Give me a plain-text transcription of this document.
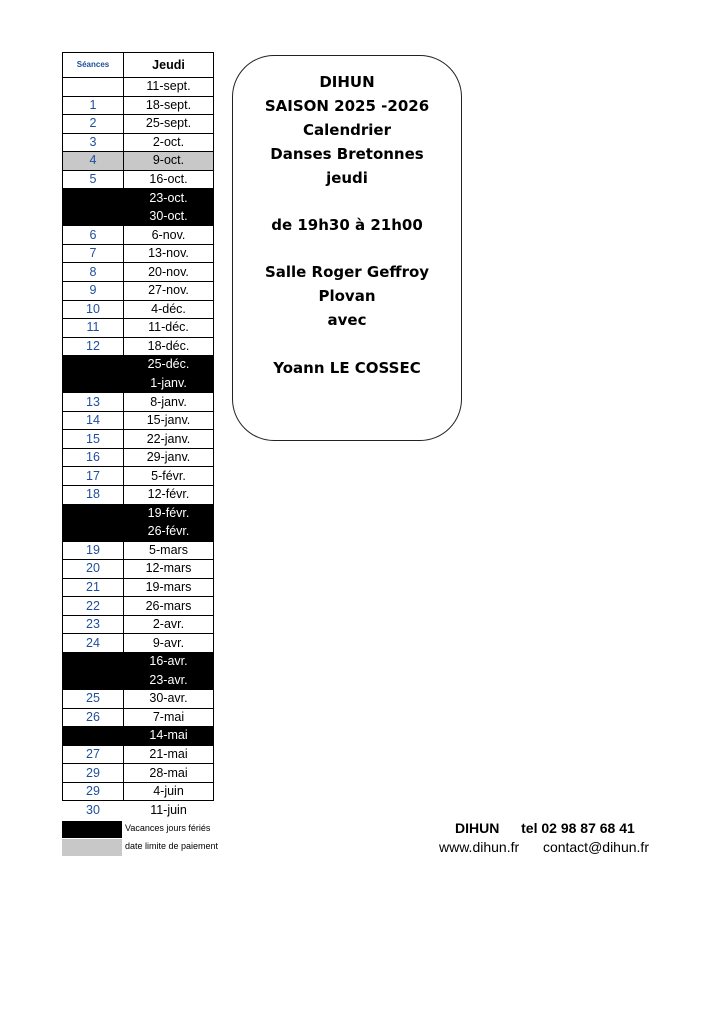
Séances	Jeudi
	11-sept.
1	18-sept.
2	25-sept.
3	2-oct.
4	9-oct.
5	16-oct.
	23-oct.
	30-oct.
6	6-nov.
7	13-nov.
8	20-nov.
9	27-nov.
10	4-déc.
11	11-déc.
12	18-déc.
	25-déc.
	1-janv.
13	8-janv.
14	15-janv.
15	22-janv.
16	29-janv.
17	5-févr.
18	12-févr.
	19-févr.
	26-févr.
19	5-mars
20	12-mars
21	19-mars
22	26-mars
23	2-avr.
24	9-avr.
	16-avr.
	23-avr.
25	30-avr.
26	7-mai
	14-mai
27	21-mai
29	28-mai
29	4-juin
30	11-juin
Vacances jours fériés
date limite de paiement
DIHUN
SAISON 2025 -2026
Calendrier
Danses Bretonnes
jeudi
de 19h30 à 21h00
Salle Roger Geffroy
Plovan
avec
Yoann LE COSSEC
DIHUN tel 02 98 87 68 41
www.dihun.fr contact@dihun.fr
